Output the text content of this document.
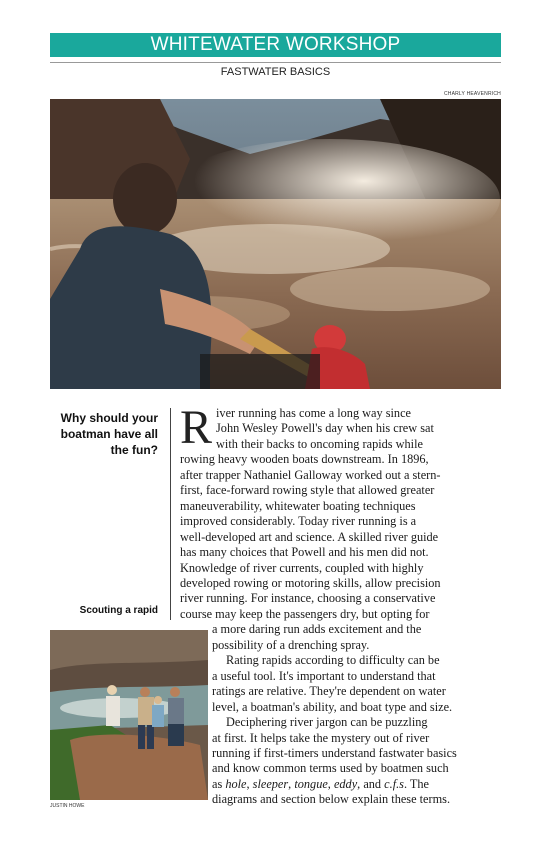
WHITEWATER WORKSHOP
FASTWATER BASICS
CHARLY HEAVENRICH
Why should your boatman have all the fun?
Scouting a rapid
JUSTIN HOWE

R iver running has come a long way since
John Wesley Powell's day when his crew sat
with their backs to oncoming rapids while
rowing heavy wooden boats downstream. In 1896,
after trapper Nathaniel Galloway worked out a stern-
first, face-forward rowing style that allowed greater
maneuverability, whitewater boating techniques
improved considerably. Today river running is a
well-developed art and science. A skilled river guide
has many choices that Powell and his men did not.
Knowledge of river currents, coupled with highly
developed rowing or motoring skills, allow precision
river running. For instance, choosing a conservative
course may keep the passengers dry, but opting for
a more daring run adds excitement and the
possibility of a drenching spray.

Rating rapids according to difficulty can be
a useful tool. It's important to understand that
ratings are relative. They're dependent on water
level, a boatman's ability, and boat type and size.

Deciphering river jargon can be puzzling
at first. It helps take the mystery out of river
running if first-timers understand fastwater basics
and know common terms used by boatmen such
as hole, sleeper, tongue, eddy, and c.f.s. The
diagrams and section below explain these terms.
